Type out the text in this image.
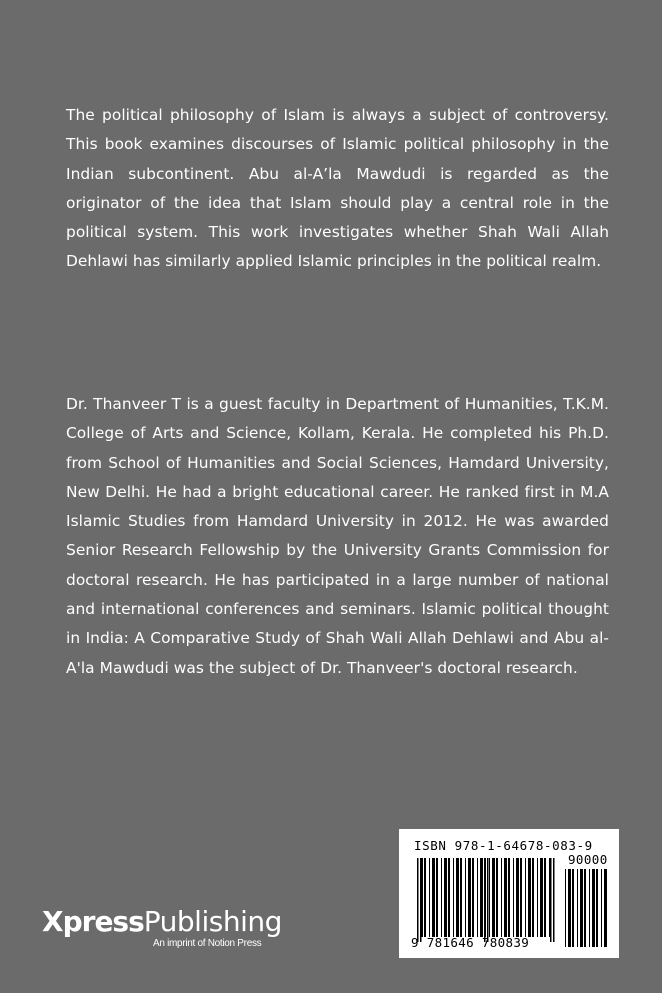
The political philosophy of Islam is always a subject of controversy. This book examines discourses of Islamic political philosophy in the Indian subcontinent. Abu al-A’la Mawdudi is regarded as the originator of the idea that Islam should play a central role in the political system. This work investigates whether Shah Wali Allah Dehlawi has similarly applied Islamic principles in the political realm.

Dr. Thanveer T is a guest faculty in Department of Humanities, T.K.M. College of Arts and Science, Kollam, Kerala. He completed his Ph.D. from School of Humanities and Social Sciences, Hamdard University, New Delhi. He had a bright educational career. He ranked first in M.A Islamic Studies from Hamdard University in 2012. He was awarded Senior Research Fellowship by the University Grants Commission for doctoral research. He has participated in a large number of national and international conferences and seminars. Islamic political thought in India: A Comparative Study of Shah Wali Allah Dehlawi and Abu al-A'la Mawdudi was the subject of Dr. Thanveer's doctoral research.

XpressPublishing
An imprint of Notion Press
ISBN 978-1-64678-083-9
90000
9 781646 780839
